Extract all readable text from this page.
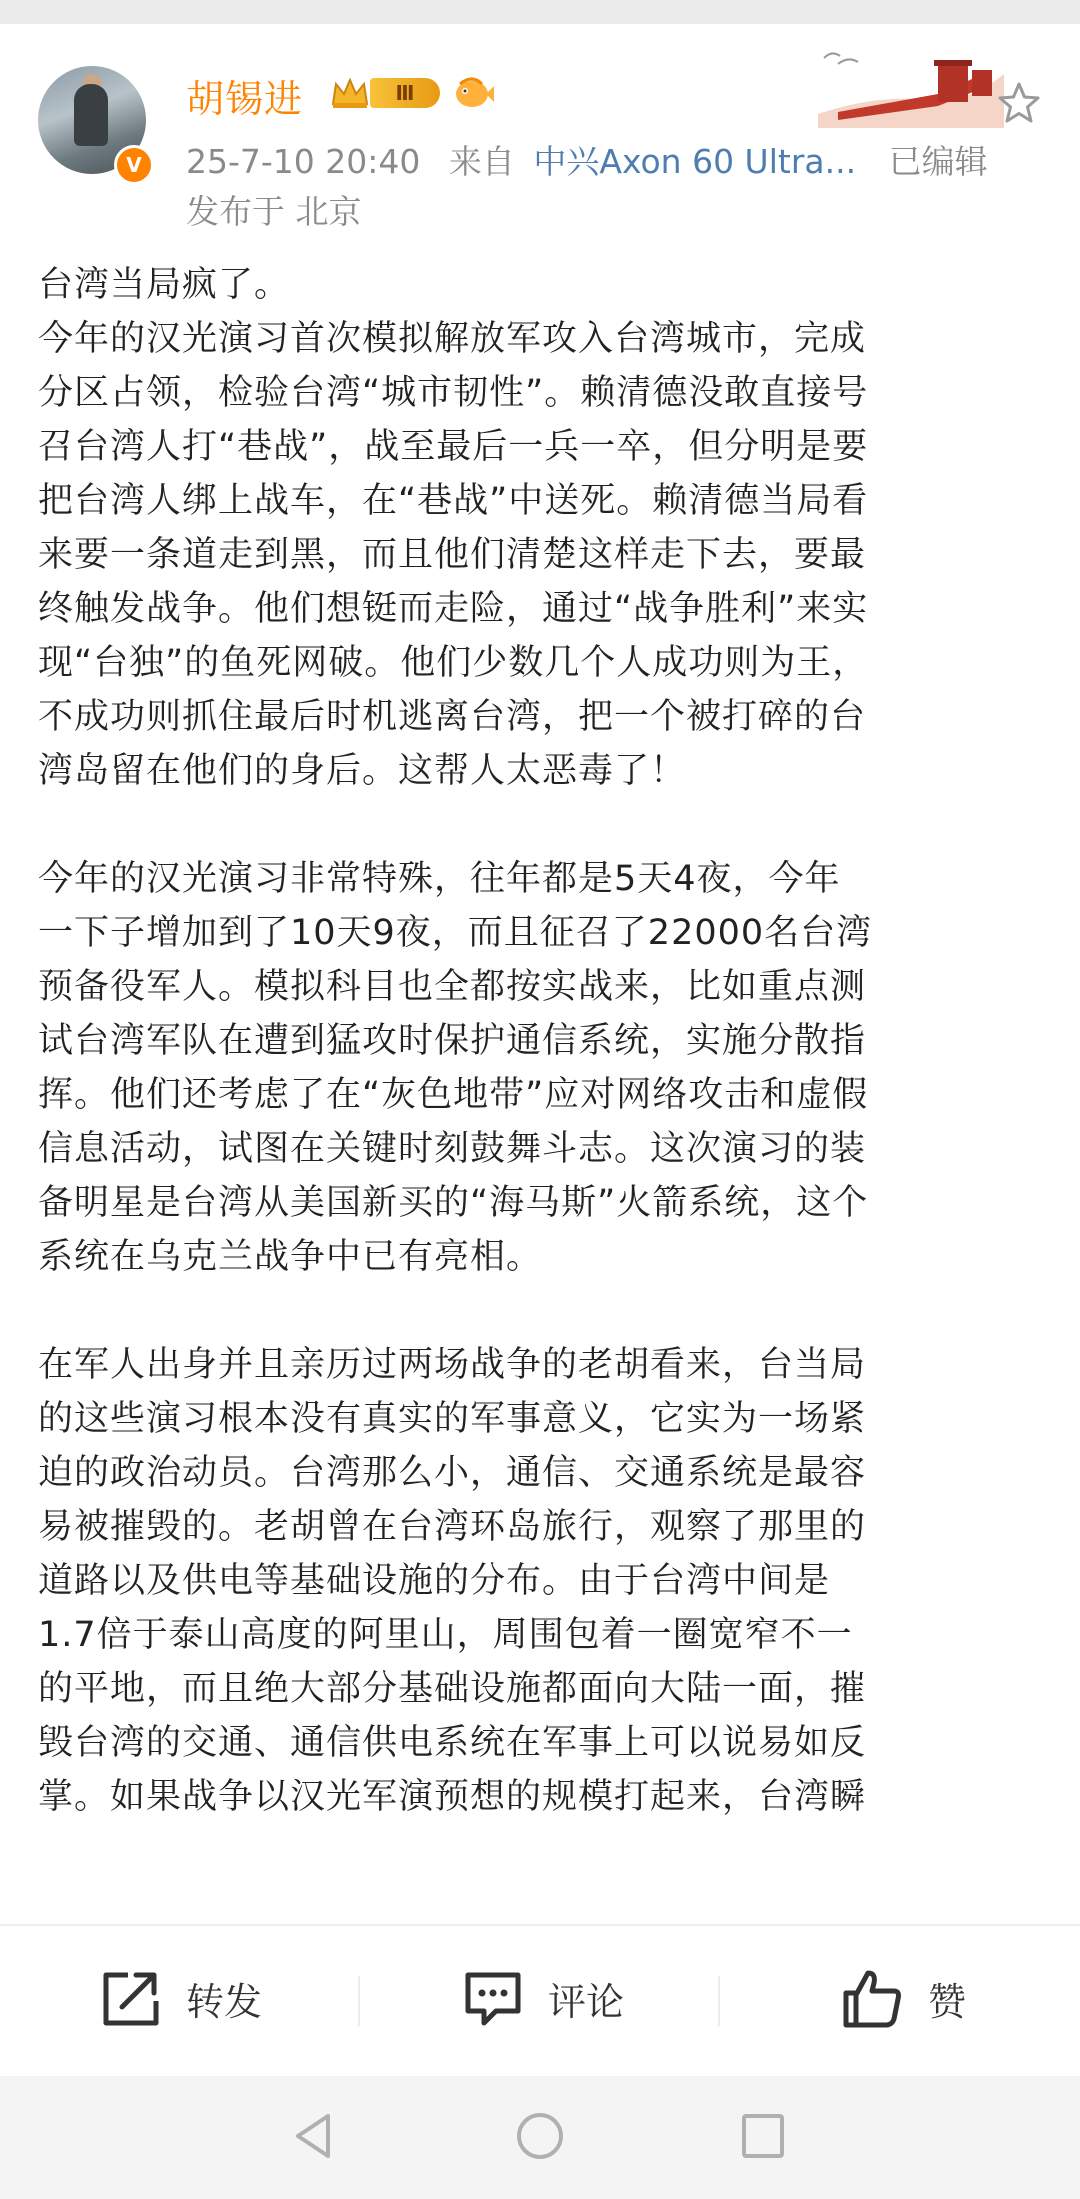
V
胡锡进	Ⅲ
25-7-10 20:40 来自 中兴Axon 60 Ultra... 已编辑
发布于 北京

台湾当局疯了。

今年的汉光演习首次模拟解放军攻入台湾城市，完成

分区占领，检验台湾“城市韧性”。赖清德没敢直接号

召台湾人打“巷战”，战至最后一兵一卒，但分明是要

把台湾人绑上战车，在“巷战”中送死。赖清德当局看

来要一条道走到黑，而且他们清楚这样走下去，要最

终触发战争。他们想铤而走险，通过“战争胜利”来实

现“台独”的鱼死网破。他们少数几个人成功则为王，

不成功则抓住最后时机逃离台湾，把一个被打碎的台

湾岛留在他们的身后。这帮人太恶毒了！

今年的汉光演习非常特殊，往年都是5天4夜，今年

一下子增加到了10天9夜，而且征召了22000名台湾

预备役军人。模拟科目也全都按实战来，比如重点测

试台湾军队在遭到猛攻时保护通信系统，实施分散指

挥。他们还考虑了在“灰色地带”应对网络攻击和虚假

信息活动，试图在关键时刻鼓舞斗志。这次演习的装

备明星是台湾从美国新买的“海马斯”火箭系统，这个

系统在乌克兰战争中已有亮相。

在军人出身并且亲历过两场战争的老胡看来，台当局

的这些演习根本没有真实的军事意义，它实为一场紧

迫的政治动员。台湾那么小，通信、交通系统是最容

易被摧毁的。老胡曾在台湾环岛旅行，观察了那里的

道路以及供电等基础设施的分布。由于台湾中间是

1.7倍于泰山高度的阿里山，周围包着一圈宽窄不一

的平地，而且绝大部分基础设施都面向大陆一面，摧

毁台湾的交通、通信供电系统在军事上可以说易如反

掌。如果战争以汉光军演预想的规模打起来，台湾瞬

转发	评论	赞
